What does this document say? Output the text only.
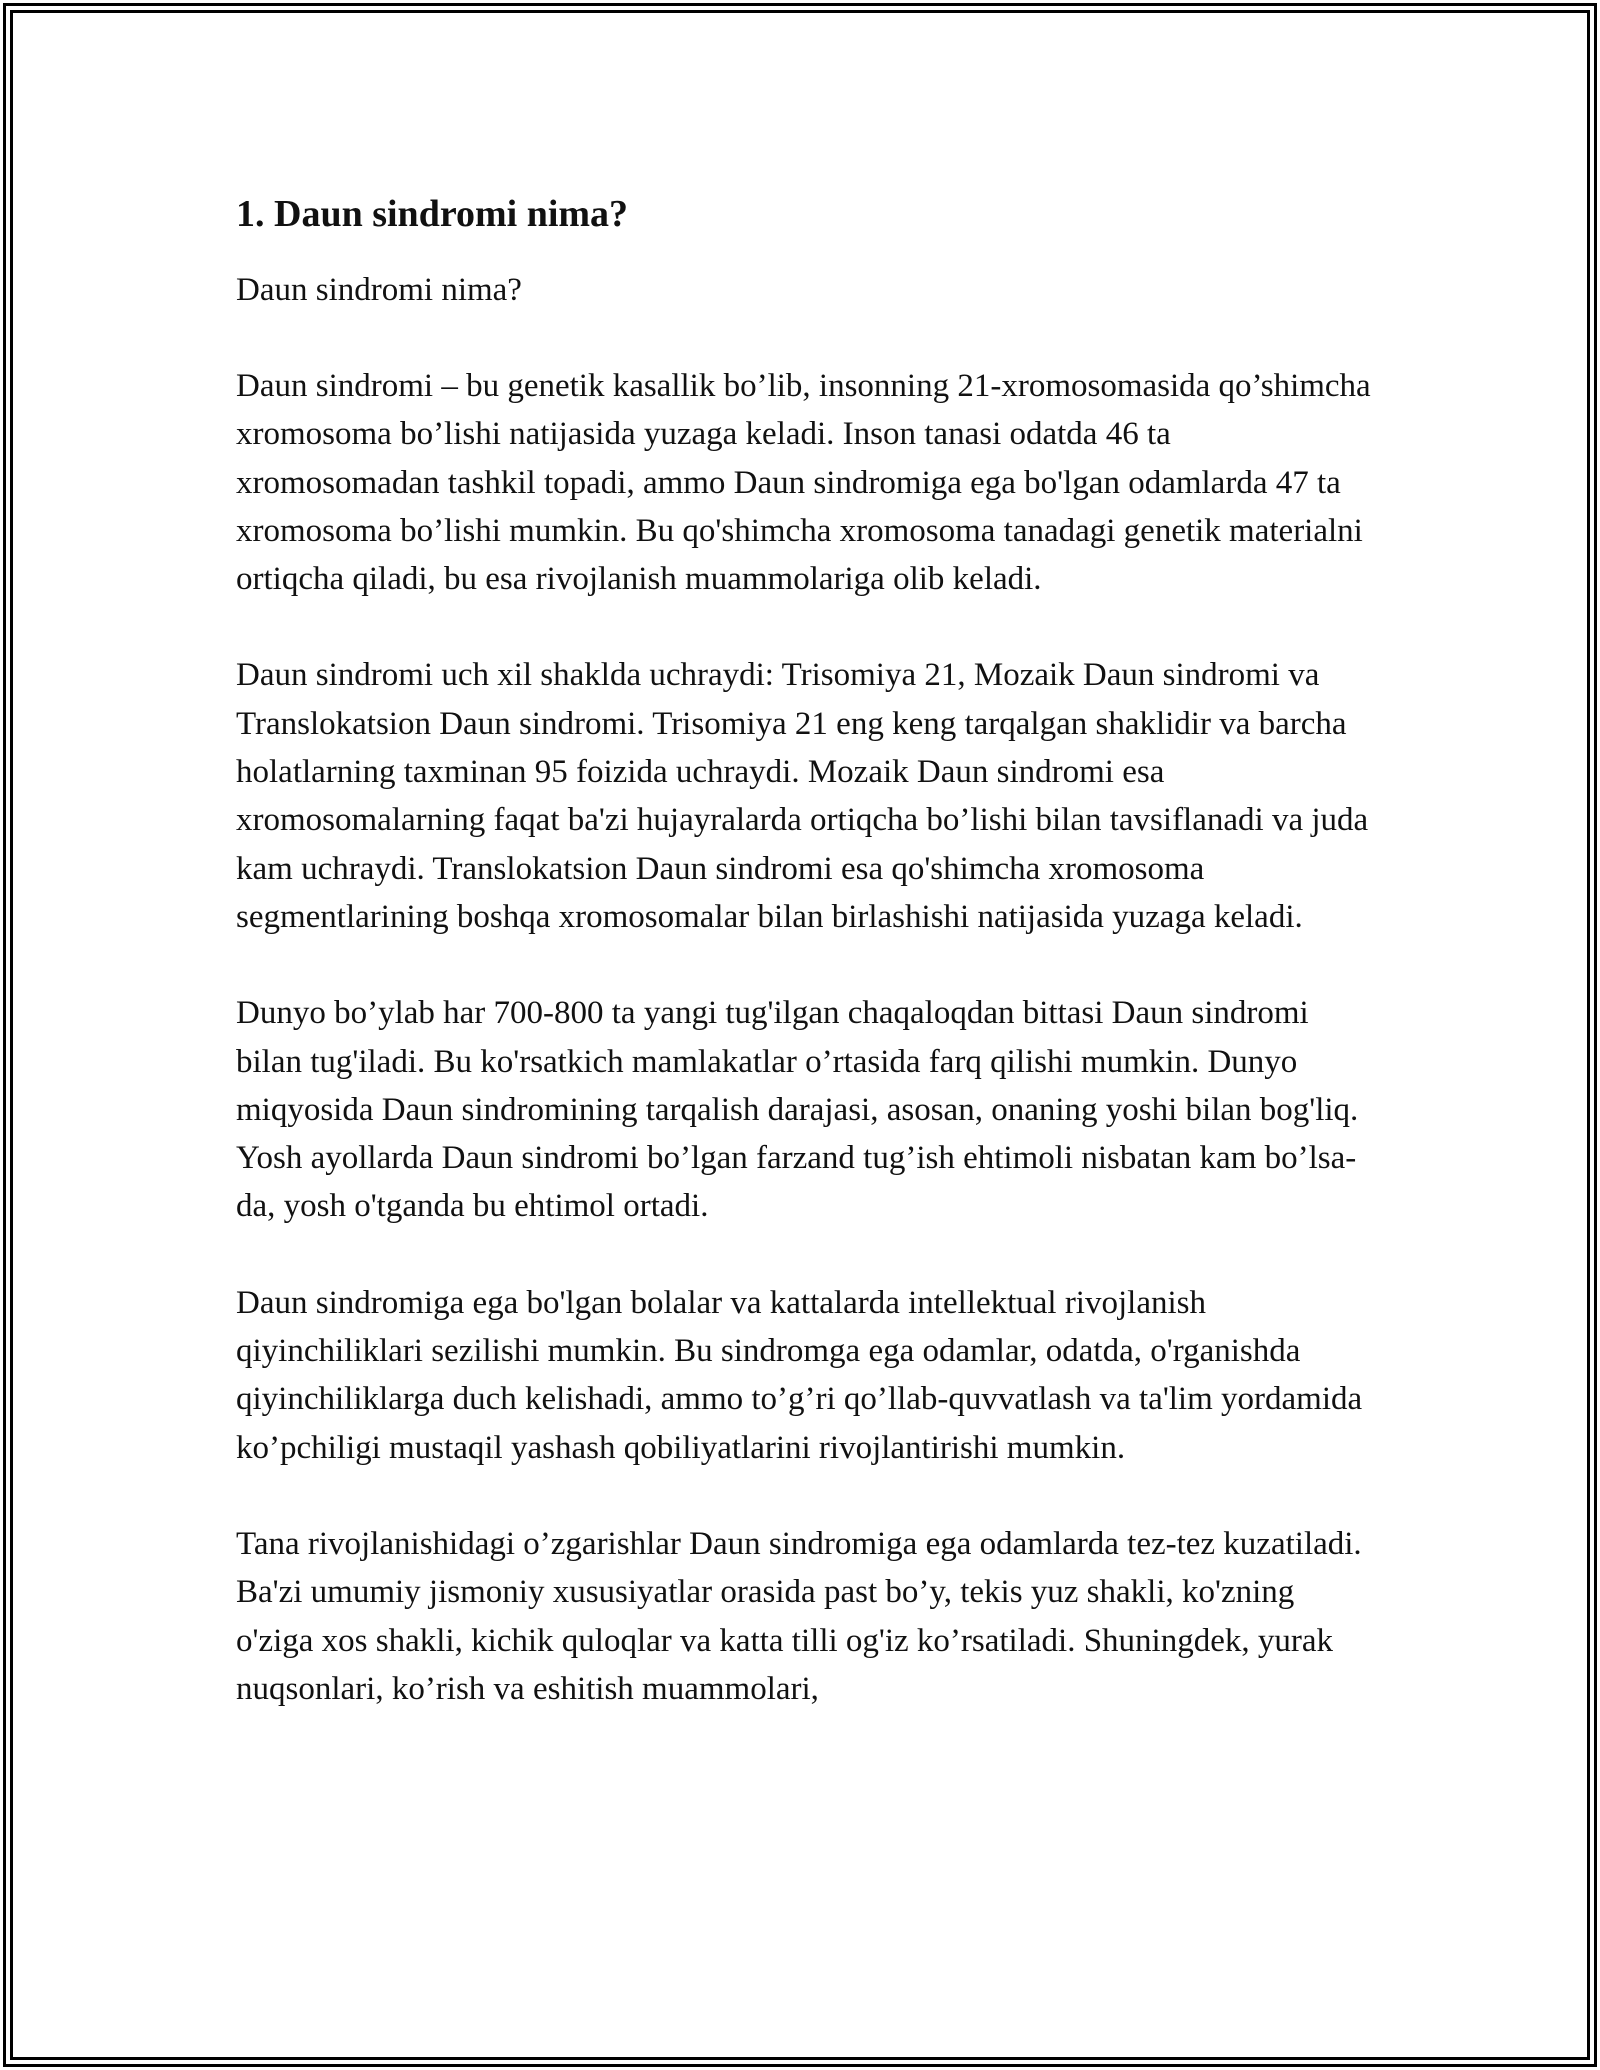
1. Daun sindromi nima?

Daun sindromi nima?

Daun sindromi – bu genetik kasallik bo’lib, insonning 21-xromosomasida qo’shimcha xromosoma bo’lishi natijasida yuzaga keladi. Inson tanasi odatda 46 ta xromosomadan tashkil topadi, ammo Daun sindromiga ega bo'lgan odamlarda 47 ta xromosoma bo’lishi mumkin. Bu qo'shimcha xromosoma tanadagi genetik materialni ortiqcha qiladi, bu esa rivojlanish muammolariga olib keladi.

Daun sindromi uch xil shaklda uchraydi: Trisomiya 21, Mozaik Daun sindromi va Translokatsion Daun sindromi. Trisomiya 21 eng keng tarqalgan shaklidir va barcha holatlarning taxminan 95 foizida uchraydi. Mozaik Daun sindromi esa xromosomalarning faqat ba'zi hujayralarda ortiqcha bo’lishi bilan tavsiflanadi va juda kam uchraydi. Translokatsion Daun sindromi esa qo'shimcha xromosoma segmentlarining boshqa xromosomalar bilan birlashishi natijasida yuzaga keladi.

Dunyo bo’ylab har 700-800 ta yangi tug'ilgan chaqaloqdan bittasi Daun sindromi bilan tug'iladi. Bu ko'rsatkich mamlakatlar o’rtasida farq qilishi mumkin. Dunyo miqyosida Daun sindromining tarqalish darajasi, asosan, onaning yoshi bilan bog'liq. Yosh ayollarda Daun sindromi bo’lgan farzand tug’ish ehtimoli nisbatan kam bo’lsa-da, yosh o'tganda bu ehtimol ortadi.

Daun sindromiga ega bo'lgan bolalar va kattalarda intellektual rivojlanish qiyinchiliklari sezilishi mumkin. Bu sindromga ega odamlar, odatda, o'rganishda qiyinchiliklarga duch kelishadi, ammo to’g’ri qo’llab-quvvatlash va ta'lim yordamida ko’pchiligi mustaqil yashash qobiliyatlarini rivojlantirishi mumkin.

Tana rivojlanishidagi o’zgarishlar Daun sindromiga ega odamlarda tez-tez kuzatiladi. Ba'zi umumiy jismoniy xususiyatlar orasida past bo’y, tekis yuz shakli, ko'zning o'ziga xos shakli, kichik quloqlar va katta tilli og'iz ko’rsatiladi. Shuningdek, yurak nuqsonlari, ko’rish va eshitish muammolari,
